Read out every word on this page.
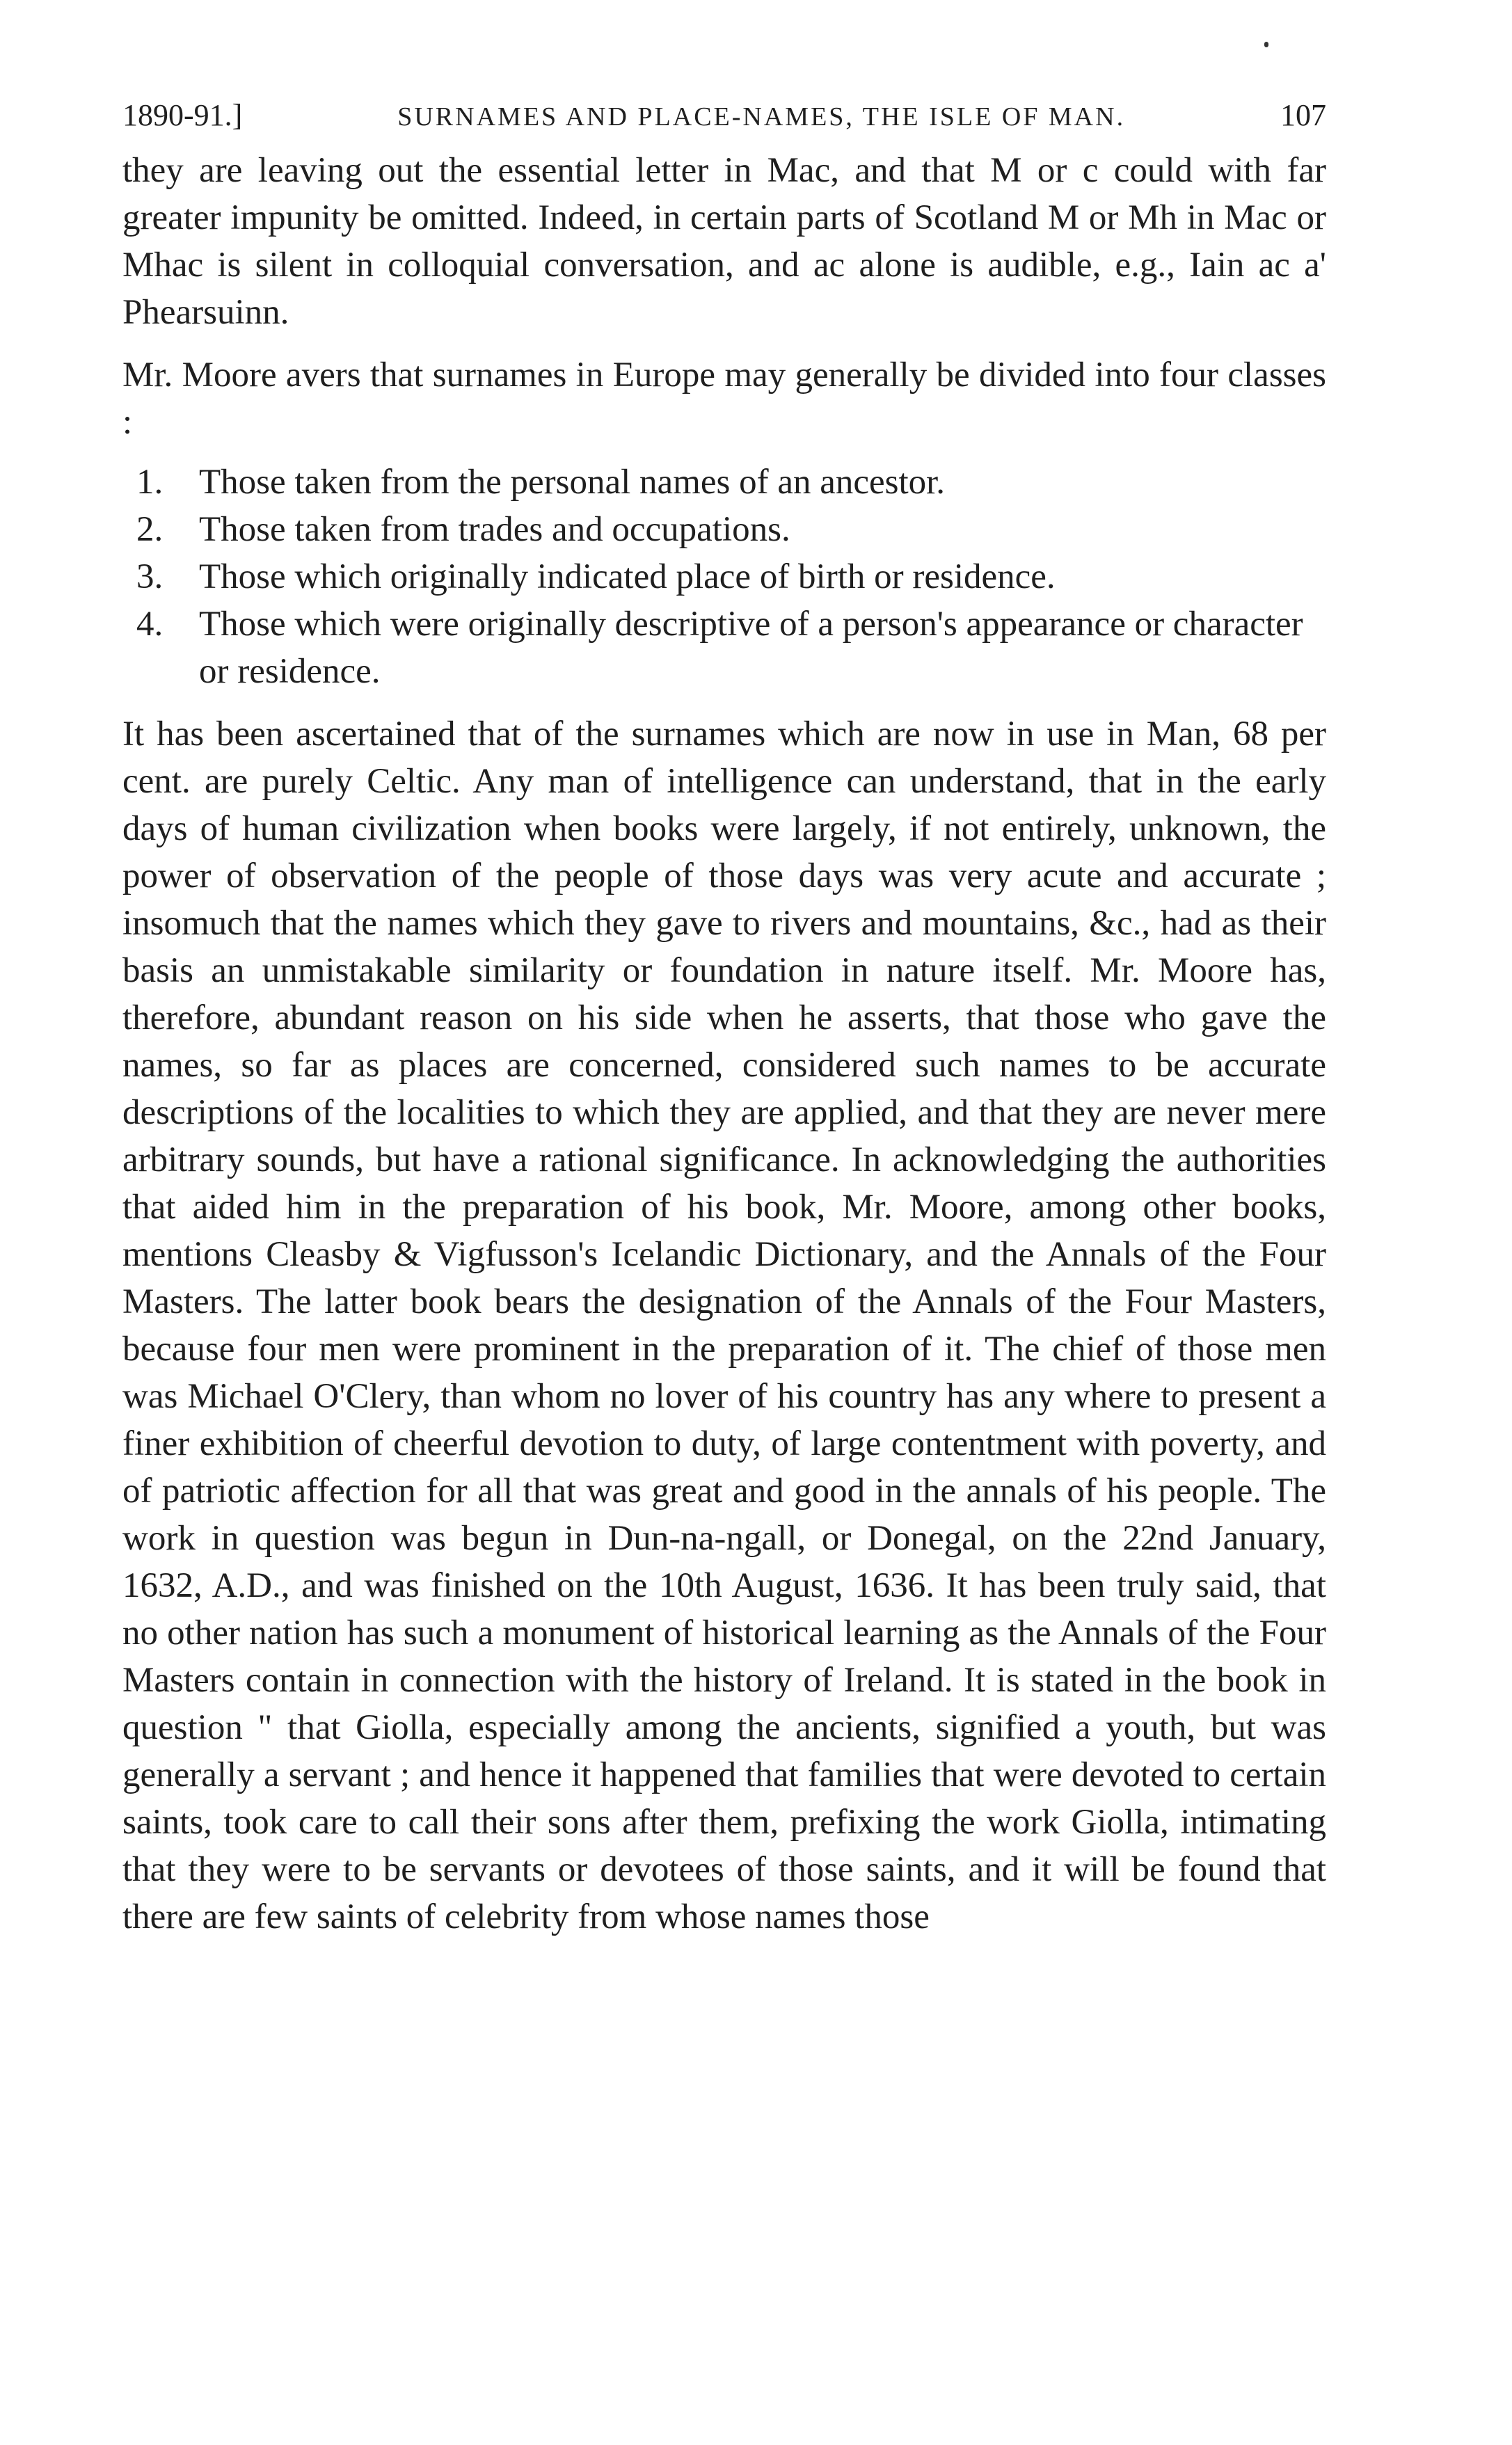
1890-91.]	SURNAMES AND PLACE-NAMES, THE ISLE OF MAN.	107

they are leaving out the essential letter in Mac, and that M or c could with far greater impunity be omitted. Indeed, in certain parts of Scotland M or Mh in Mac or Mhac is silent in colloquial conversation, and ac alone is audible, e.g., Iain ac a' Phearsuinn.

Mr. Moore avers that surnames in Europe may generally be divided into four classes :

1.	Those taken from the personal names of an ancestor.
2.	Those taken from trades and occupations.
3.	Those which originally indicated place of birth or residence.
4.	Those which were originally descriptive of a person's appearance or character or residence.

It has been ascertained that of the surnames which are now in use in Man, 68 per cent. are purely Celtic. Any man of intelligence can understand, that in the early days of human civilization when books were largely, if not entirely, unknown, the power of observation of the people of those days was very acute and accurate ; insomuch that the names which they gave to rivers and mountains, &c., had as their basis an unmistakable similarity or foundation in nature itself. Mr. Moore has, therefore, abundant reason on his side when he asserts, that those who gave the names, so far as places are concerned, considered such names to be accurate descriptions of the localities to which they are applied, and that they are never mere arbitrary sounds, but have a rational significance. In acknowledging the authorities that aided him in the preparation of his book, Mr. Moore, among other books, mentions Cleasby & Vigfusson's Icelandic Dictionary, and the Annals of the Four Masters. The latter book bears the designation of the Annals of the Four Masters, because four men were prominent in the preparation of it. The chief of those men was Michael O'Clery, than whom no lover of his country has any where to present a finer exhibition of cheerful devotion to duty, of large contentment with poverty, and of patriotic affection for all that was great and good in the annals of his people. The work in question was begun in Dun-na-ngall, or Donegal, on the 22nd January, 1632, A.D., and was finished on the 10th August, 1636. It has been truly said, that no other nation has such a monument of historical learning as the Annals of the Four Masters contain in connection with the history of Ireland. It is stated in the book in question " that Giolla, especially among the ancients, signified a youth, but was generally a servant ; and hence it happened that families that were devoted to certain saints, took care to call their sons after them, prefixing the work Giolla, intimating that they were to be servants or devotees of those saints, and it will be found that there are few saints of celebrity from whose names those
